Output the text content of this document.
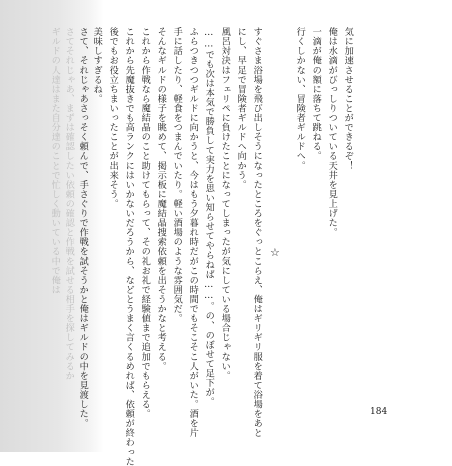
気に加速させることができるぞ！
俺は水滴がびっしりついている天井を見上げた。
一滴が俺の額に落ちて跳ねる。
行くしかない、冒険者ギルドへ。
☆
すぐさま浴場を飛び出しそうになったところをぐっとこらえ、俺はギリギリ服を着て浴場をあと
にし、早足で冒険者ギルドへ向かう。
風呂対決はフェリペに負けたことになってしまったが気にしている場合じゃない。
……でも次は本気で勝負して実力を思い知らせてやらねば……。の、のぼせて足下が。
ふらつきつつギルドに向かうと、今はもう夕暮れ時だがこの時間でもそこそこ人がいた。酒を片
手に話したり、軽食をつまんでいたり。軽い酒場のような雰囲気だ。
そんなギルドの様子を眺めて、掲示板に魔結晶捜索依頼を出そうかなと考える。
これから作戦なら魔結晶のこと助けてもらって、その礼お礼で経験値まで追加でもらえる。
これから先魔抜きでも高ランクにはいかないだろうから、などとうまく言くるめれば、依頼が終わった
後でもお役立ちまいったことが出来そう。
美味しすぎるね。
さて、それじゃあさっそく頼んで、手さぐりで作戦を試そうかと俺はギルドの中を見渡した。
さてそれじゃあ、まずは確認したい依頼の確認と作戦を試せる相手を探してみるか
ギルドの人達はまた自分達のことで忙しく動いている中で俺は
184
